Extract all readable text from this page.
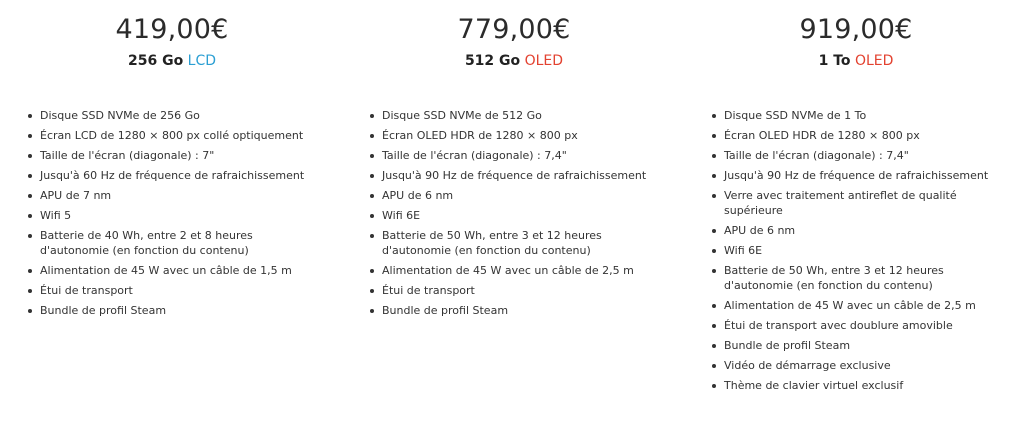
419,00€
256 Go LCD
Disque SSD NVMe de 256 Go
Écran LCD de 1280 × 800 px collé optiquement
Taille de l'écran (diagonale) : 7"
Jusqu'à 60 Hz de fréquence de rafraichissement
APU de 7 nm
Wifi 5
Batterie de 40 Wh, entre 2 et 8 heures d'autonomie (en fonction du contenu)
Alimentation de 45 W avec un câble de 1,5 m
Étui de transport
Bundle de profil Steam
779,00€
512 Go OLED
Disque SSD NVMe de 512 Go
Écran OLED HDR de 1280 × 800 px
Taille de l'écran (diagonale) : 7,4"
Jusqu'à 90 Hz de fréquence de rafraichissement
APU de 6 nm
Wifi 6E
Batterie de 50 Wh, entre 3 et 12 heures d'autonomie (en fonction du contenu)
Alimentation de 45 W avec un câble de 2,5 m
Étui de transport
Bundle de profil Steam
919,00€
1 To OLED
Disque SSD NVMe de 1 To
Écran OLED HDR de 1280 × 800 px
Taille de l'écran (diagonale) : 7,4"
Jusqu'à 90 Hz de fréquence de rafraichissement
Verre avec traitement antireflet de qualité supérieure
APU de 6 nm
Wifi 6E
Batterie de 50 Wh, entre 3 et 12 heures d'autonomie (en fonction du contenu)
Alimentation de 45 W avec un câble de 2,5 m
Étui de transport avec doublure amovible
Bundle de profil Steam
Vidéo de démarrage exclusive
Thème de clavier virtuel exclusif
